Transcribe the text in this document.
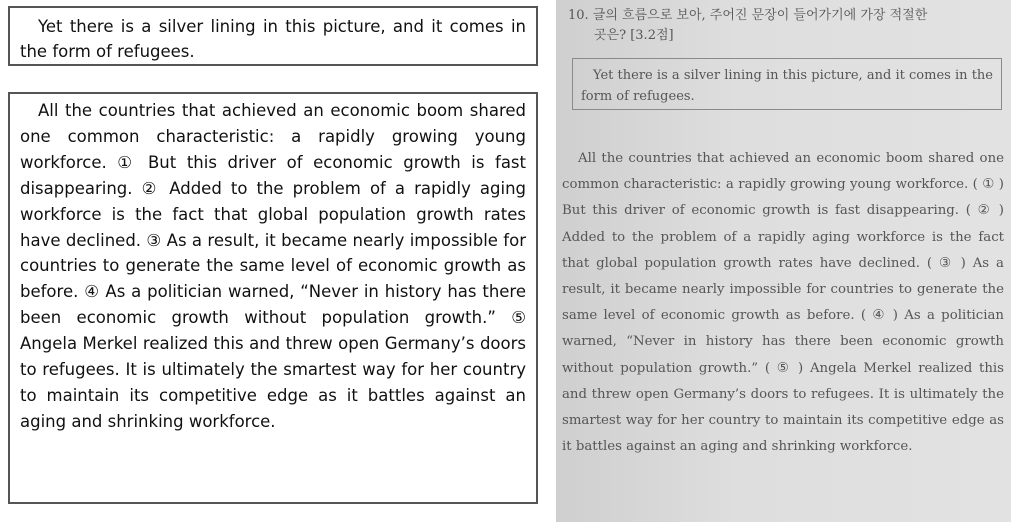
Yet there is a silver lining in this picture, and it comes in the form of refugees.

All the countries that achieved an economic boom shared one common characteristic: a rapidly growing young workforce. ① But this driver of economic growth is fast disappearing. ② Added to the problem of a rapidly aging workforce is the fact that global population growth rates have declined. ③ As a result, it became nearly impossible for countries to generate the same level of economic growth as before. ④ As a politician warned, “Never in history has there been economic growth without population growth.” ⑤ Angela Merkel realized this and threw open Germany’s doors to refugees. It is ultimately the smartest way for her country to maintain its competitive edge as it battles against an aging and shrinking workforce.

10. 글의 흐름으로 보아, 주어진 문장이 들어가기에 가장 적절한
곳은? [3.2점]
Yet there is a silver lining in this picture, and it comes in the form of refugees.

All the countries that achieved an economic boom shared one common characteristic: a rapidly growing young workforce. ( ① ) But this driver of economic growth is fast disappearing. ( ② ) Added to the problem of a rapidly aging workforce is the fact that global population growth rates have declined. ( ③ ) As a result, it became nearly impossible for countries to generate the same level of economic growth as before. ( ④ ) As a politician warned, “Never in history has there been economic growth without population growth.” ( ⑤ ) Angela Merkel realized this and threw open Germany’s doors to refugees. It is ultimately the smartest way for her country to maintain its competitive edge as it battles against an aging and shrinking workforce.
